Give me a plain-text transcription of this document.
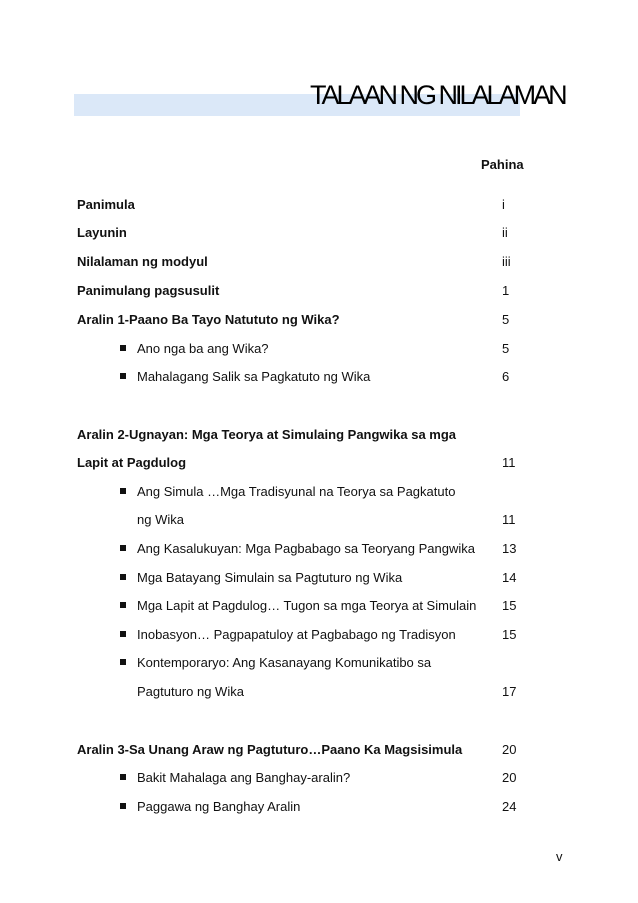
TALAAN NG NILALAMAN
Pahina
Panimula	i
Layunin	ii
Nilalaman ng modyul	iii
Panimulang pagsusulit	1
Aralin 1-Paano Ba Tayo Natututo ng Wika?	5
Ano nga ba ang Wika?	5
Mahalagang Salik sa Pagkatuto ng Wika	6
Aralin 2-Ugnayan: Mga Teorya at Simulaing Pangwika sa mga
Lapit at Pagdulog	11
Ang Simula …Mga Tradisyunal na Teorya sa Pagkatuto
ng Wika	11
Ang Kasalukuyan: Mga Pagbabago sa Teoryang Pangwika 13
Mga Batayang Simulain sa Pagtuturo ng Wika	14
Mga Lapit at Pagdulog… Tugon sa mga Teorya at Simulain 15
Inobasyon… Pagpapatuloy at Pagbabago ng Tradisyon	15
Kontemporaryo: Ang Kasanayang Komunikatibo sa
Pagtuturo ng Wika	17
Aralin 3-Sa Unang Araw ng Pagtuturo…Paano Ka Magsisimula	20
Bakit Mahalaga ang Banghay-aralin?	20
Paggawa ng Banghay Aralin	24
v
